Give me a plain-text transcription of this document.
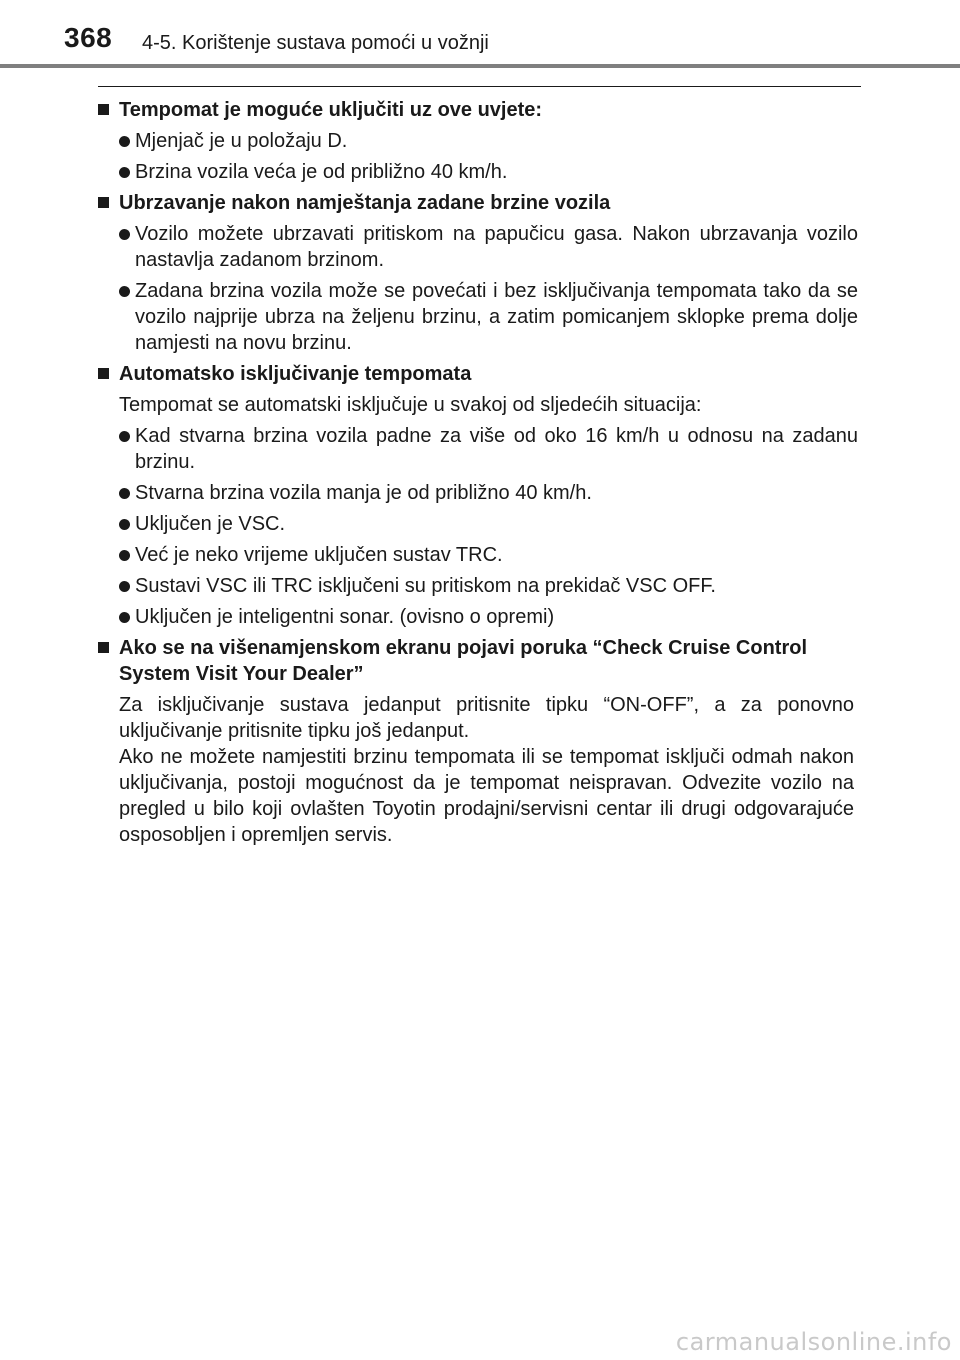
368 4-5. Korištenje sustava pomoći u vožnji
Tempomat je moguće uključiti uz ove uvjete:
Mjenjač je u položaju D.
Brzina vozila veća je od približno 40 km/h.
Ubrzavanje nakon namještanja zadane brzine vozila
Vozilo možete ubrzavati pritiskom na papučicu gasa. Nakon ubrzavanja vozilo nastavlja zadanom brzinom.
Zadana brzina vozila može se povećati i bez isključivanja tempomata tako da se vozilo najprije ubrza na željenu brzinu, a zatim pomicanjem sklopke prema dolje namjesti na novu brzinu.
Automatsko isključivanje tempomata
Tempomat se automatski isključuje u svakoj od sljedećih situacija:
Kad stvarna brzina vozila padne za više od oko 16 km/h u odnosu na zadanu brzinu.
Stvarna brzina vozila manja je od približno 40 km/h.
Uključen je VSC.
Već je neko vrijeme uključen sustav TRC.
Sustavi VSC ili TRC isključeni su pritiskom na prekidač VSC OFF.
Uključen je inteligentni sonar. (ovisno o opremi)
Ako se na višenamjenskom ekranu pojavi poruka “Check Cruise Control System Visit Your Dealer”
Za isključivanje sustava jedanput pritisnite tipku “ON-OFF”, a za ponovno uključivanje pritisnite tipku još jedanput.
Ako ne možete namjestiti brzinu tempomata ili se tempomat isključi odmah nakon uključivanja, postoji mogućnost da je tempomat neispravan. Odvezite vozilo na pregled u bilo koji ovlašten Toyotin prodajni/servisni centar ili drugi odgovarajuće osposobljen i opremljen servis.
carmanualsonline.info
